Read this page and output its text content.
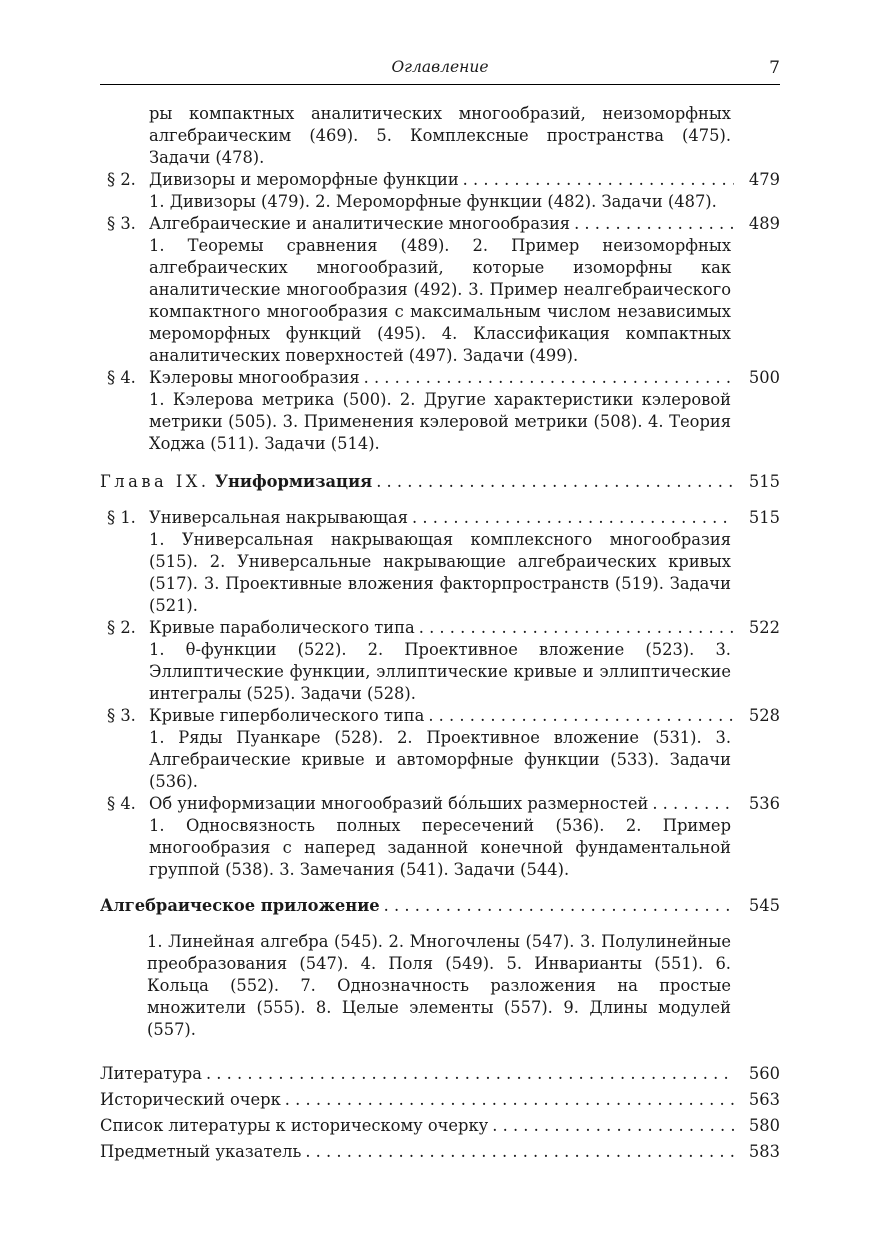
Оглавление	7

ры компактных аналитических многообразий, неизоморфных алгебраическим (469). 5. Комплексные пространства (475). Задачи (478).

§ 2. Дивизоры и мероморфные функции . . .	479

1. Дивизоры (479). 2. Мероморфные функции (482). Задачи (487).

§ 3. Алгебраические и аналитические многообразия . . .	489

1. Теоремы сравнения (489). 2. Пример неизоморфных алгебраических многообразий, которые изоморфны как аналитические многообразия (492). 3. Пример неалгебраического компактного многообразия с максимальным числом независимых мероморфных функций (495). 4. Классификация компактных аналитических поверхностей (497). Задачи (499).

§ 4. Кэлеровы многообразия . . .	500

1. Кэлерова метрика (500). 2. Другие характеристики кэлеровой метрики (505). 3. Применения кэлеровой метрики (508). 4. Теория Ходжа (511). Задачи (514).

Глава IX. Униформизация . . .	515
§ 1. Универсальная накрывающая . . .	515

1. Универсальная накрывающая комплексного многообразия (515). 2. Универсальные накрывающие алгебраических кривых (517). 3. Проективные вложения факторпространств (519). Задачи (521).

§ 2. Кривые параболического типа . . .	522

1. θ-функции (522). 2. Проективное вложение (523). 3. Эллиптические функции, эллиптические кривые и эллиптические интегралы (525). Задачи (528).

§ 3. Кривые гиперболического типа . . .	528

1. Ряды Пуанкаре (528). 2. Проективное вложение (531). 3. Алгебраические кривые и автоморфные функции (533). Задачи (536).

§ 4. Об униформизации многообразий бóльших размерностей . . .	536

1. Односвязность полных пересечений (536). 2. Пример многообразия с наперед заданной конечной фундаментальной группой (538). 3. Замечания (541). Задачи (544).

Алгебраическое приложение . . .	545

1. Линейная алгебра (545). 2. Многочлены (547). 3. Полулинейные преобразования (547). 4. Поля (549). 5. Инварианты (551). 6. Кольца (552). 7. Однозначность разложения на простые множители (555). 8. Целые элементы (557). 9. Длины модулей (557).

Литература . . .	560
Исторический очерк . . .	563
Список литературы к историческому очерку . . .	580
Предметный указатель . . .	583
